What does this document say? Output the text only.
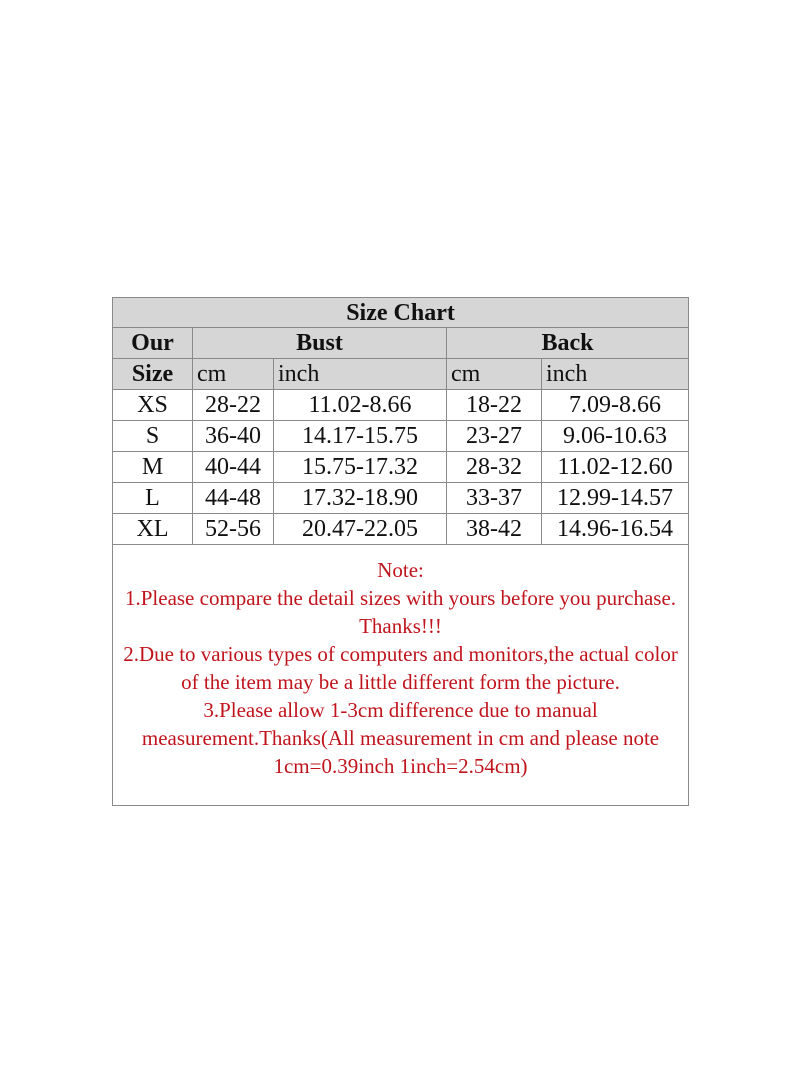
Size Chart				
Our	Bust		Back	
Size	cm	inch	cm	inch
XS	28-22	11.02-8.66	18-22	7.09-8.66
S	36-40	14.17-15.75	23-27	9.06-10.63
M	40-44	15.75-17.32	28-32	11.02-12.60
L	44-48	17.32-18.90	33-37	12.99-14.57
XL	52-56	20.47-22.05	38-42	14.96-16.54

Note:

1.Please compare the detail sizes with yours before you purchase. Thanks!!!

2.Due to various types of computers and monitors,the actual color of the item may be a little different form the picture.

3.Please allow 1-3cm difference due to manual measurement.Thanks(All measurement in cm and please note 1cm=0.39inch 1inch=2.54cm)				
